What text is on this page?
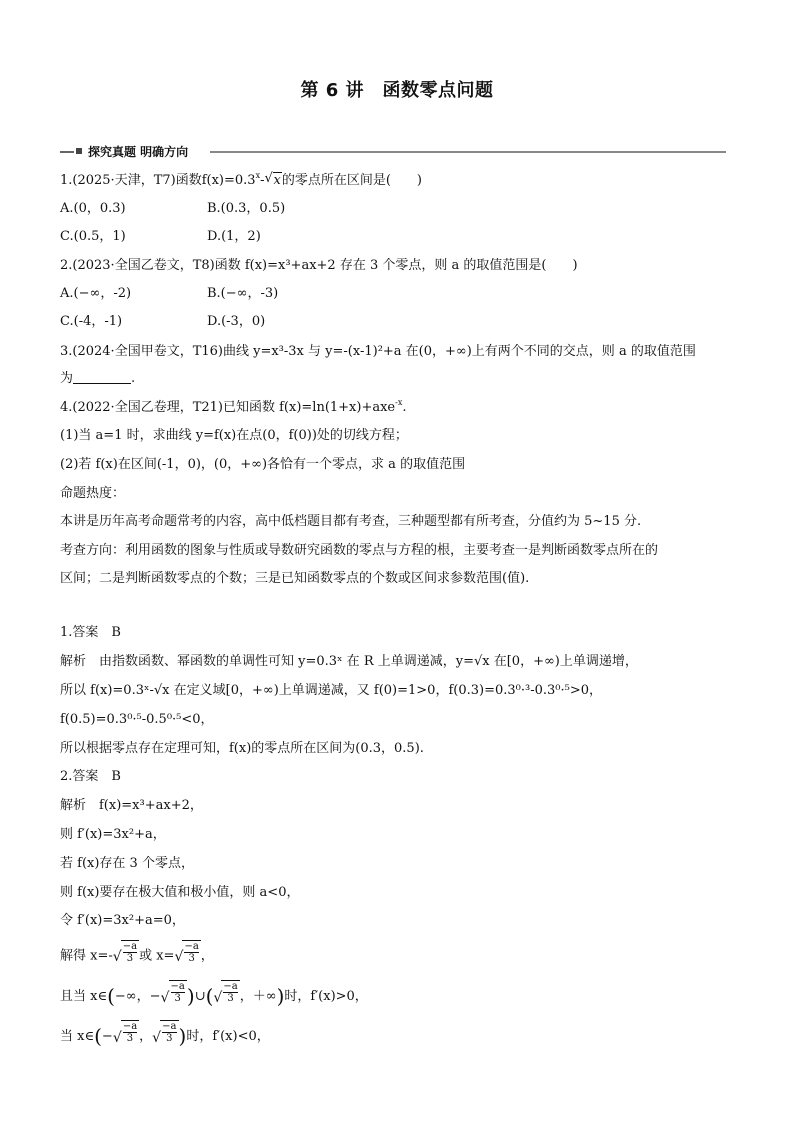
第 6 讲　函数零点问题
探究真题 明确方向
1.(2025·天津，T7)函数$f(x)=0.3^x-$ √ x的零点所在区间是(　　)
A.(0，0.3)	B.(0.3，0.5)
C.(0.5，1)	D.(1，2)
2.(2023·全国乙卷文，T8)函数 f(x)=x³+ax+2 存在 3 个零点，则 a 的取值范围是(　　)
A.(−∞，-2)	B.(−∞，-3)
C.(-4，-1)	D.(-3，0)
3.(2024·全国甲卷文，T16)曲线 y=x³-3x 与 y=-(x-1)²+a 在(0，+∞)上有两个不同的交点，则 a 的取值范围
为	.
4.(2022·全国乙卷理，T21)已知函数 f(x)=ln(1+x)+axe$^{-x}$.
(1)当 a=1 时，求曲线 y=f(x)在点(0，f(0))处的切线方程；
(2)若 f(x)在区间(-1，0)，(0，+∞)各恰有一个零点，求 a 的取值范围
命题热度：
本讲是历年高考命题常考的内容，高中低档题目都有考查，三种题型都有所考查，分值约为 5~15 分.
考查方向：利用函数的图象与性质或导数研究函数的零点与方程的根，主要考查一是判断函数零点所在的
区间；二是判断函数零点的个数；三是已知函数零点的个数或区间求参数范围(值).
1.答案　B
解析　由指数函数、幂函数的单调性可知 y=0.3ˣ 在 R 上单调递减，y=√x 在[0，+∞)上单调递增，
所以 f(x)=0.3ˣ-√x 在定义域[0，+∞)上单调递减，又 f(0)=1>0，f(0.3)=0.3⁰·³-0.3⁰·⁵>0，
f(0.5)=0.3⁰·⁵-0.5⁰·⁵<0，
所以根据零点存在定理可知，f(x)的零点所在区间为(0.3，0.5).
2.答案　B
解析　f(x)=x³+ax+2，
则 f′(x)=3x²+a，
若 f(x)存在 3 个零点，
则 f(x)要存在极大值和极小值，则 a<0，
令 f′(x)=3x²+a=0，
解得 x=- √ $\frac{-a}{3}$ 或 x= √ $\frac{-a}{3}$ ，
且当 x∈(−∞，− √ $\frac{-a}{3}$ )∪( √ $\frac{-a}{3}$ ，＋∞)时，f′(x)>0，
当 x∈(− √ $\frac{-a}{3}$ ， √ $\frac{-a}{3}$ )时，f′(x)<0，
